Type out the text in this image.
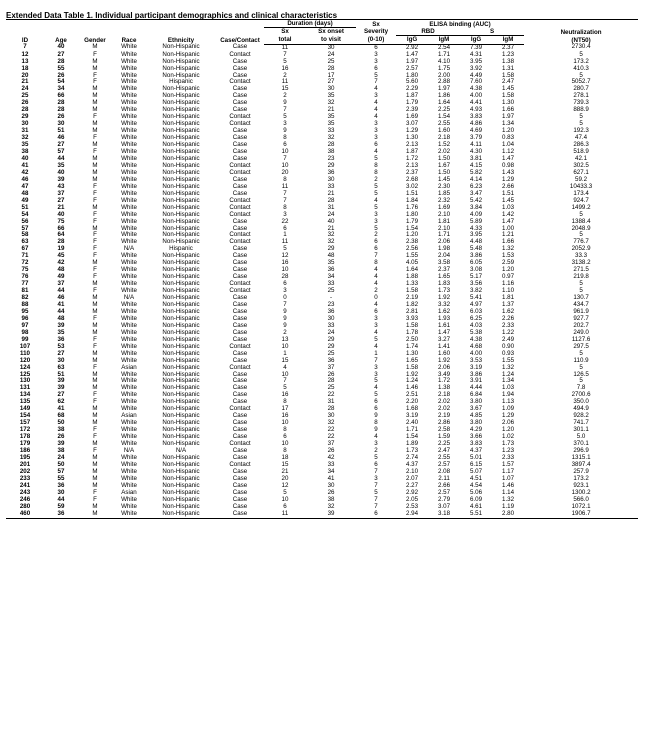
Extended Data Table 1. Individual participant demographics and clinical characteristics
ID	Age	Gender	Race	Ethnicity	Case/Contact	Duration (days)		Sx	ELISA binding (AUC)				Neutralization
(NT50)
						Sx	Sx onset	Severity	RBD		S		
						total	to visit	(0-10)	IgG	IgM	IgG	IgM	
7	40	M	White	Non-Hispanic	Case	11	30	6	2.92	2.54	7.39	2.37	2730.4
12	27	F	White	Non-Hispanic	Contact	7	24	3	1.47	1.71	4.31	1.23	5
13	28	M	White	Non-Hispanic	Case	5	25	3	1.97	4.10	3.95	1.38	173.2
18	55	M	White	Non-Hispanic	Case	16	28	6	2.57	1.75	3.92	1.31	410.3
20	26	F	White	Non-Hispanic	Case	2	17	5	1.80	2.00	4.49	1.58	5
21	54	F	White	Hispanic	Contact	11	27	7	5.60	2.88	7.60	2.47	5052.7
24	34	M	White	Non-Hispanic	Case	15	30	4	2.29	1.97	4.38	1.45	280.7
25	66	M	White	Non-Hispanic	Case	2	35	3	1.87	1.86	4.00	1.58	278.1
26	28	M	White	Non-Hispanic	Case	9	32	4	1.79	1.64	4.41	1.30	739.3
28	28	M	White	Non-Hispanic	Case	7	21	4	2.39	2.25	4.93	1.66	888.9
29	26	F	White	Non-Hispanic	Contact	5	35	4	1.69	1.54	3.83	1.97	5
30	30	M	White	Non-Hispanic	Contact	3	35	3	3.07	2.55	4.86	1.34	5
31	51	M	White	Non-Hispanic	Case	9	33	3	1.29	1.60	4.69	1.20	192.3
32	46	F	White	Non-Hispanic	Case	8	32	3	1.30	2.18	3.79	0.83	47.4
35	27	M	White	Non-Hispanic	Case	6	28	6	2.13	1.52	4.11	1.04	286.3
38	57	F	White	Non-Hispanic	Case	10	38	4	1.87	2.02	4.30	1.12	518.9
40	44	M	White	Non-Hispanic	Case	7	23	5	1.72	1.50	3.81	1.47	42.1
41	35	M	White	Non-Hispanic	Contact	10	29	8	2.13	1.67	4.15	0.98	302.5
42	40	M	White	Non-Hispanic	Contact	20	36	8	2.37	1.50	5.82	1.43	627.1
46	39	M	White	Non-Hispanic	Case	8	30	2	2.68	1.45	4.14	1.29	59.2
47	43	F	White	Non-Hispanic	Case	11	33	5	3.02	2.30	6.23	2.66	10433.3
48	37	F	White	Non-Hispanic	Case	7	21	5	1.51	1.85	3.47	1.51	173.4
49	27	F	White	Non-Hispanic	Contact	7	28	4	1.84	2.32	5.42	1.45	924.7
51	21	M	White	Non-Hispanic	Contact	8	31	5	1.76	1.69	3.84	1.03	1499.2
54	40	F	White	Non-Hispanic	Contact	3	24	3	1.80	2.10	4.09	1.42	5
56	75	F	White	Non-Hispanic	Case	22	40	3	1.79	1.81	5.89	1.47	1388.4
57	66	M	White	Non-Hispanic	Case	6	21	5	1.54	2.10	4.33	1.00	2048.9
58	64	F	White	Non-Hispanic	Contact	1	32	2	1.20	1.71	3.95	1.21	5
63	28	F	White	Non-Hispanic	Contact	11	32	6	2.38	2.06	4.48	1.66	776.7
67	19	F	N/A	Hispanic	Case	5	29	6	2.56	1.98	5.48	1.32	2052.9
71	45	F	White	Non-Hispanic	Case	12	48	7	1.55	2.04	3.86	1.53	33.3
72	42	M	White	Non-Hispanic	Case	16	35	8	4.05	3.58	6.05	2.59	3138.2
75	48	F	White	Non-Hispanic	Case	10	36	4	1.64	2.37	3.08	1.20	271.5
76	49	F	White	Non-Hispanic	Case	28	34	4	1.88	1.65	5.17	0.97	219.8
77	37	M	White	Non-Hispanic	Contact	6	33	4	1.33	1.83	3.56	1.16	5
81	44	F	White	Non-Hispanic	Contact	3	25	2	1.58	1.73	3.82	1.10	5
82	46	M	N/A	Non-Hispanic	Case	0	-	0	2.19	1.92	5.41	1.81	130.7
88	41	M	White	Non-Hispanic	Case	7	23	4	1.82	3.32	4.97	1.37	434.7
95	44	M	White	Non-Hispanic	Case	9	36	6	2.81	1.62	6.03	1.62	961.9
96	48	F	White	Non-Hispanic	Case	9	30	3	3.93	1.93	6.25	2.26	927.7
97	39	M	White	Non-Hispanic	Case	9	33	3	1.58	1.61	4.03	2.33	202.7
98	35	M	White	Non-Hispanic	Case	2	24	4	1.78	1.47	5.38	1.22	249.0
99	36	F	White	Non-Hispanic	Case	13	29	5	2.50	3.27	4.38	2.49	1127.6
107	53	F	White	Non-Hispanic	Contact	10	29	4	1.74	1.41	4.68	0.90	297.5
110	27	M	White	Non-Hispanic	Case	1	25	1	1.30	1.60	4.00	0.93	5
120	30	M	White	Non-Hispanic	Case	15	36	7	1.65	1.92	3.53	1.55	110.9
124	63	F	Asian	Non-Hispanic	Contact	4	37	3	1.58	2.06	3.19	1.32	5
125	51	M	White	Non-Hispanic	Case	10	26	3	1.92	3.49	3.86	1.24	126.5
130	39	M	White	Non-Hispanic	Case	7	28	5	1.24	1.72	3.91	1.34	5
131	39	M	White	Non-Hispanic	Case	5	25	4	1.46	1.38	4.44	1.03	7.8
134	27	F	White	Non-Hispanic	Case	16	22	5	2.51	2.18	6.84	1.94	2700.6
135	62	F	White	Non-Hispanic	Case	8	31	6	2.20	2.02	3.80	1.13	350.0
149	41	M	White	Non-Hispanic	Contact	17	28	6	1.68	2.02	3.67	1.09	494.9
154	68	M	Asian	Non-Hispanic	Case	16	30	9	3.19	2.19	4.85	1.29	928.2
157	50	M	White	Non-Hispanic	Case	10	32	8	2.40	2.86	3.80	2.06	741.7
172	38	F	White	Non-Hispanic	Case	8	22	9	1.71	2.58	4.29	1.20	301.1
178	26	F	White	Non-Hispanic	Case	6	22	4	1.54	1.59	3.66	1.02	5.0
179	39	M	White	Non-Hispanic	Contact	10	37	3	1.89	2.25	3.83	1.73	370.1
186	38	F	N/A	N/A	Case	8	26	2	1.73	2.47	4.37	1.23	296.9
195	24	M	White	Non-Hispanic	Case	18	42	5	2.74	2.55	5.01	2.33	1315.1
201	50	M	White	Non-Hispanic	Contact	15	33	6	4.37	2.57	6.15	1.57	3897.4
202	57	M	White	Non-Hispanic	Case	21	34	7	2.10	2.08	5.07	1.17	257.9
233	55	M	White	Non-Hispanic	Case	20	41	3	2.07	2.11	4.51	1.07	173.2
241	36	M	White	Non-Hispanic	Case	12	30	7	2.27	2.66	4.54	1.46	923.1
243	30	F	Asian	Non-Hispanic	Case	5	26	5	2.92	2.57	5.06	1.14	1300.2
246	44	F	White	Non-Hispanic	Case	10	38	7	2.05	2.79	6.09	1.32	566.0
280	59	M	White	Non-Hispanic	Case	6	32	7	2.53	3.07	4.61	1.19	1072.1
460	36	M	White	Non-Hispanic	Case	11	39	6	2.94	3.18	5.51	2.80	1906.7
